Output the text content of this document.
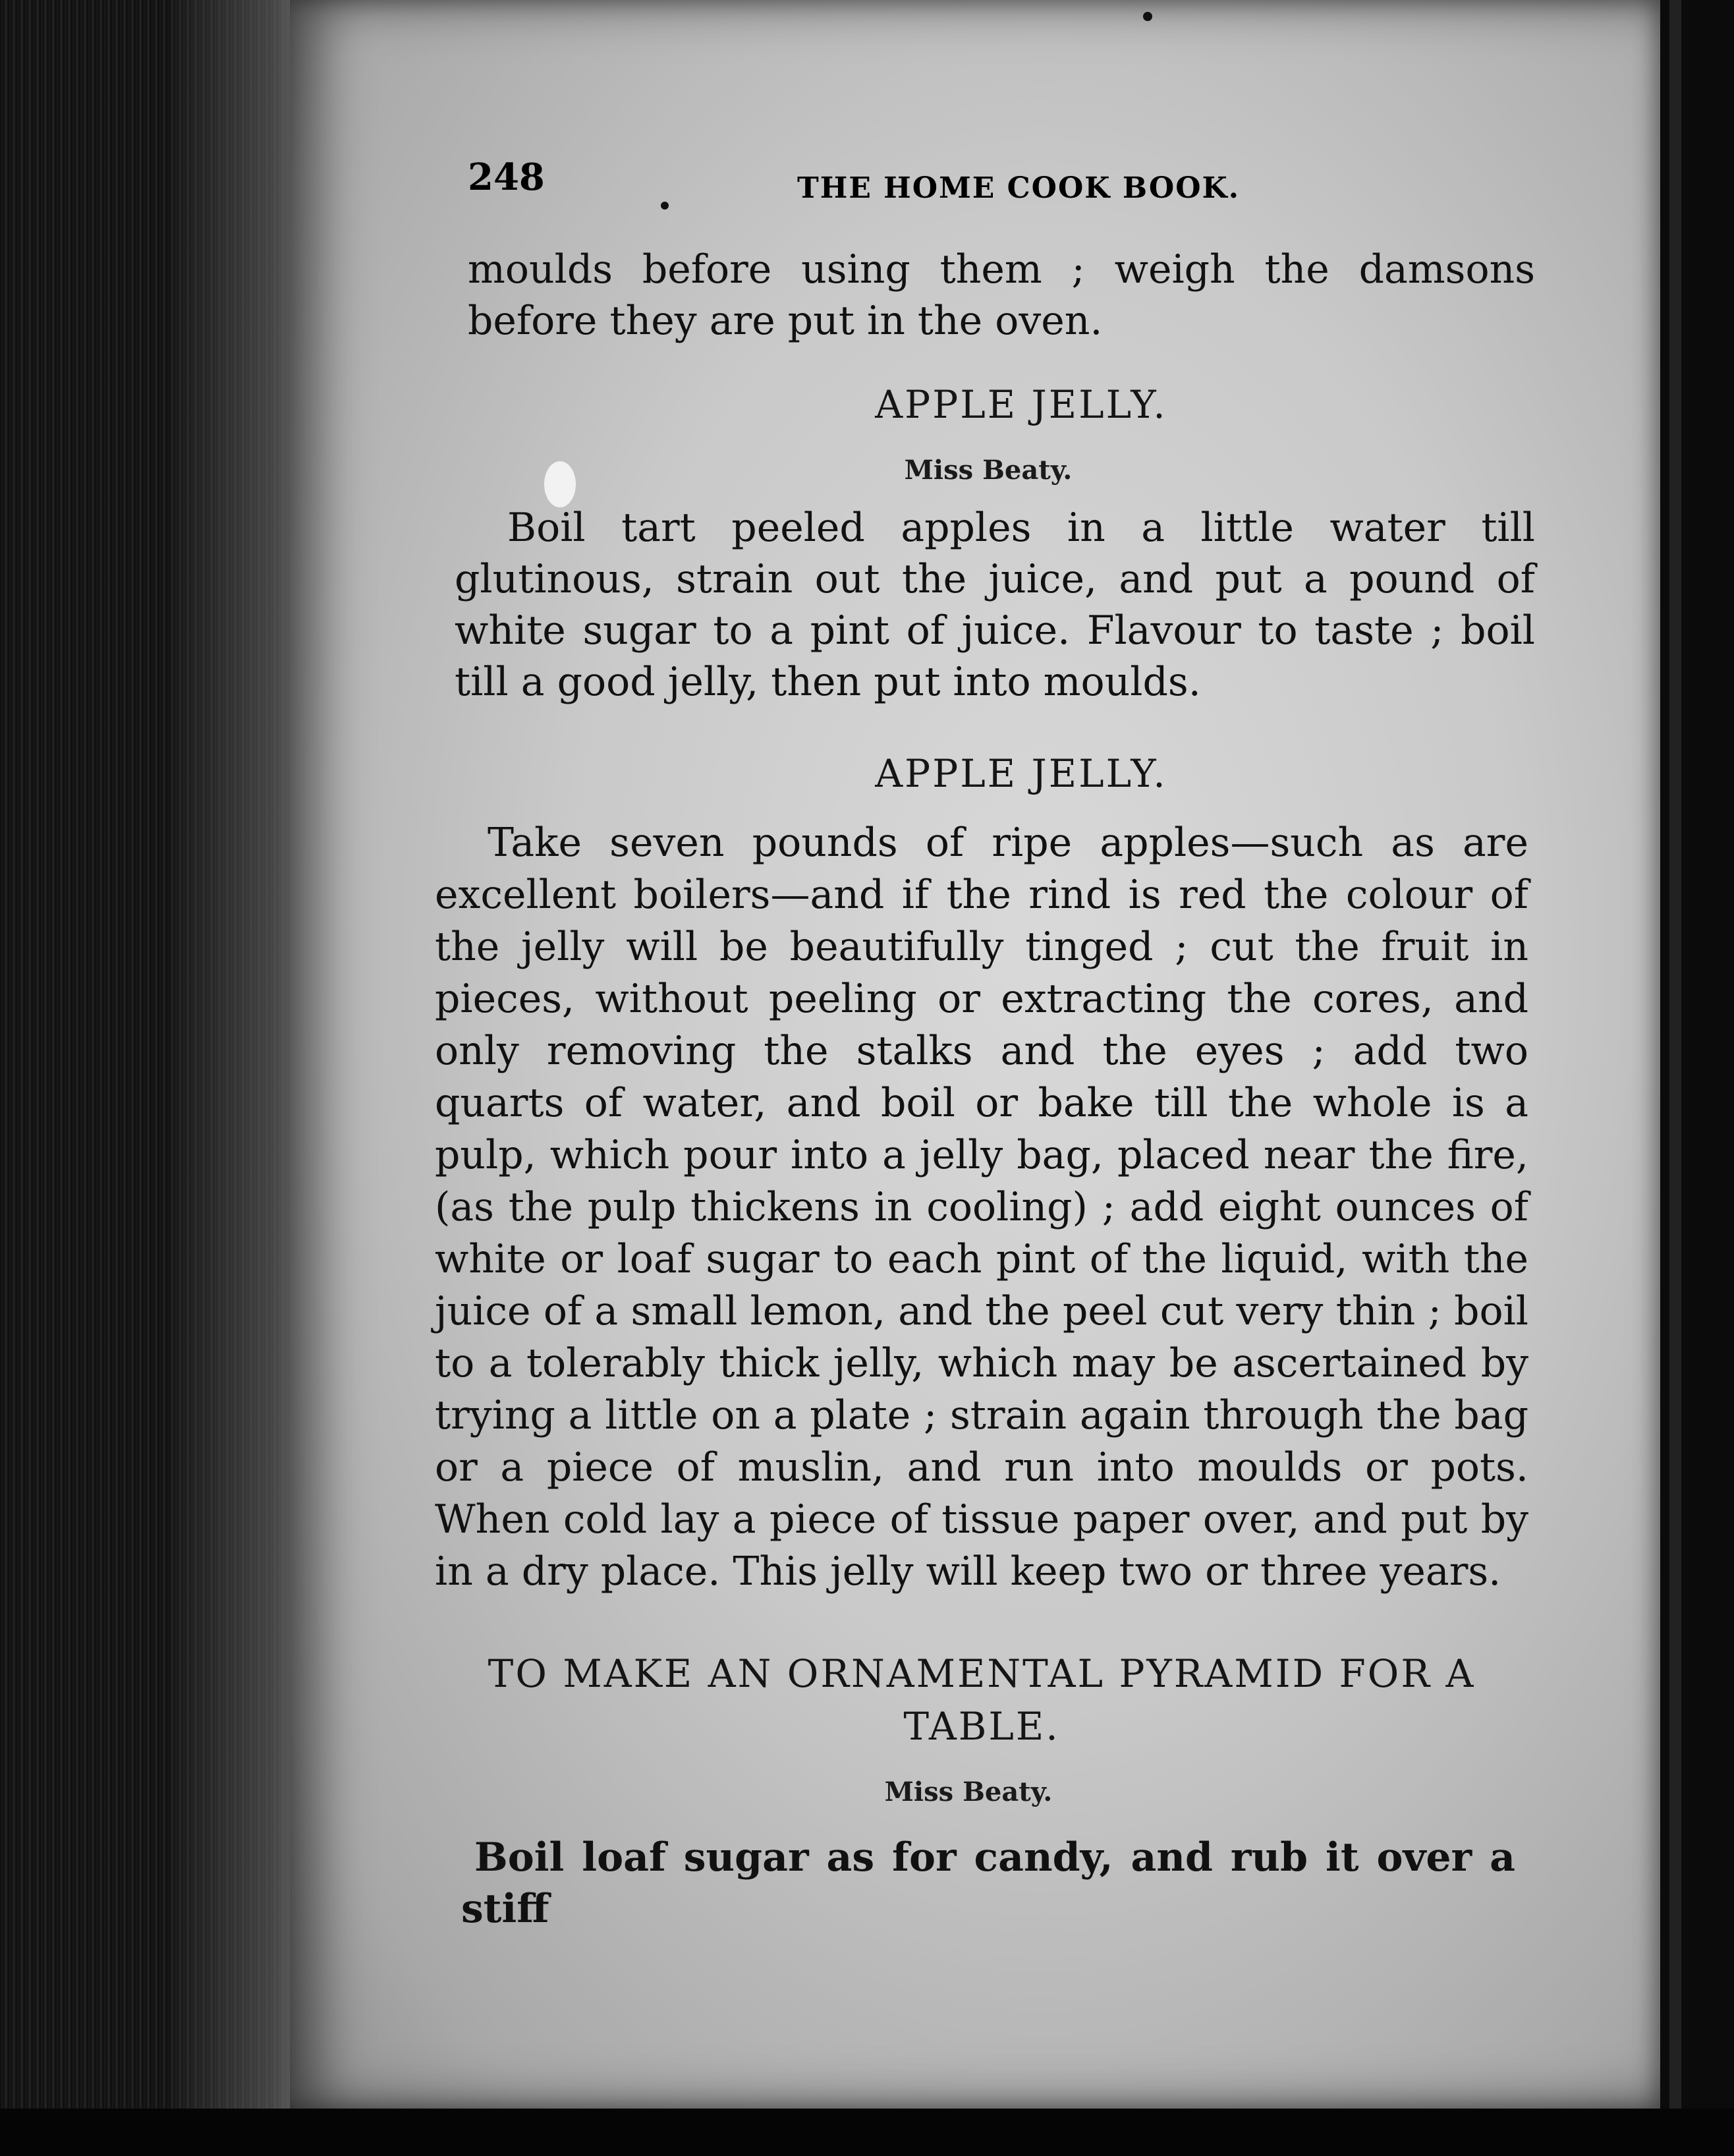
248	THE HOME COOK BOOK.
moulds before using them ; weigh the damsons before they are put in the oven.
APPLE JELLY.
Miss Beaty.
Boil tart peeled apples in a little water till glutinous, strain out the juice, and put a pound of white sugar to a pint of juice. Flavour to taste ; boil till a good jelly, then put into moulds.
APPLE JELLY.
Take seven pounds of ripe apples—such as are excellent boilers—and if the rind is red the colour of the jelly will be beautifully tinged ; cut the fruit in pieces, without peeling or extracting the cores, and only removing the stalks and the eyes ; add two quarts of water, and boil or bake till the whole is a pulp, which pour into a jelly bag, placed near the fire, (as the pulp thickens in cooling) ; add eight ounces of white or loaf sugar to each pint of the liquid, with the juice of a small lemon, and the peel cut very thin ; boil to a tolerably thick jelly, which may be ascertained by trying a little on a plate ; strain again through the bag or a piece of muslin, and run into moulds or pots. When cold lay a piece of tissue paper over, and put by in a dry place. This jelly will keep two or three years.
TO MAKE AN ORNAMENTAL PYRAMID FOR A TABLE.
Miss Beaty.
Boil loaf sugar as for candy, and rub it over a stiff
